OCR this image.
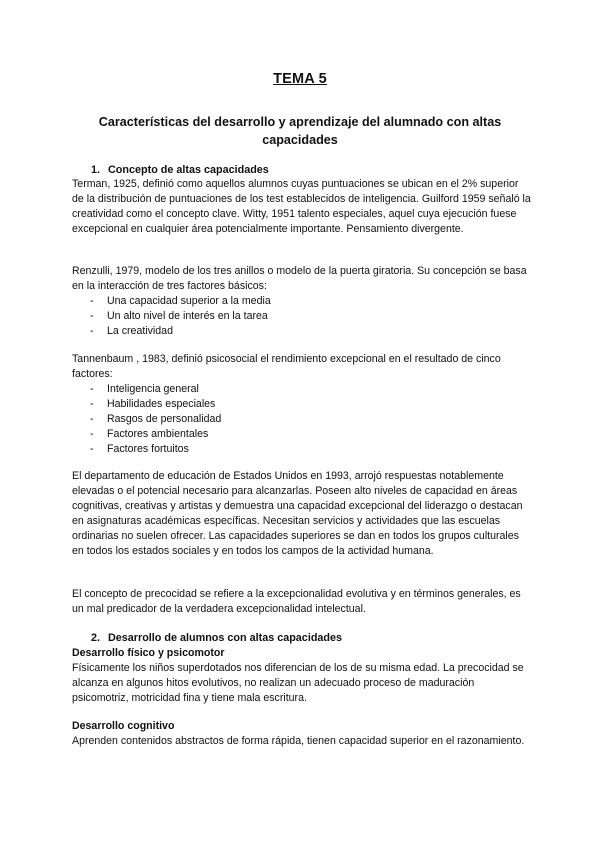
TEMA 5
Características del desarrollo y aprendizaje del alumnado con altas capacidades
1. Concepto de altas capacidades

Terman, 1925, definió como aquellos alumnos cuyas puntuaciones se ubican en el 2% superior de la distribución de puntuaciones de los test establecidos de inteligencia. Guilford 1959 señaló la creatividad como el concepto clave. Witty, 1951 talento especiales, aquel cuya ejecución fuese excepcional en cualquier área potencialmente importante. Pensamiento divergente.

Renzulli, 1979, modelo de los tres anillos o modelo de la puerta giratoria. Su concepción se basa en la interacción de tres factores básicos:

- Una capacidad superior a la media
- Un alto nivel de interés en la tarea
- La creatividad

Tannenbaum , 1983, definió psicosocial el rendimiento excepcional en el resultado de cinco factores:

- Inteligencia general
- Habilidades especiales
- Rasgos de personalidad
- Factores ambientales
- Factores fortuitos

El departamento de educación de Estados Unidos en 1993, arrojó respuestas notablemente elevadas o el potencial necesario para alcanzarlas. Poseen alto niveles de capacidad en áreas cognitivas, creativas y artistas y demuestra una capacidad excepcional del liderazgo o destacan en asignaturas académicas específicas. Necesitan servicios y actividades que las escuelas ordinarias no suelen ofrecer. Las capacidades superiores se dan en todos los grupos culturales en todos los estados sociales y en todos los campos de la actividad humana.

El concepto de precocidad se refiere a la excepcionalidad evolutiva y en términos generales, es un mal predicador de la verdadera excepcionalidad intelectual.

2. Desarrollo de alumnos con altas capacidades
Desarrollo físico y psicomotor

Físicamente los niños superdotados nos diferencian de los de su misma edad. La precocidad se alcanza en algunos hitos evolutivos, no realizan un adecuado proceso de maduración psicomotriz, motricidad fina y tiene mala escritura.

Desarrollo cognitivo

Aprenden contenidos abstractos de forma rápida, tienen capacidad superior en el razonamiento.
